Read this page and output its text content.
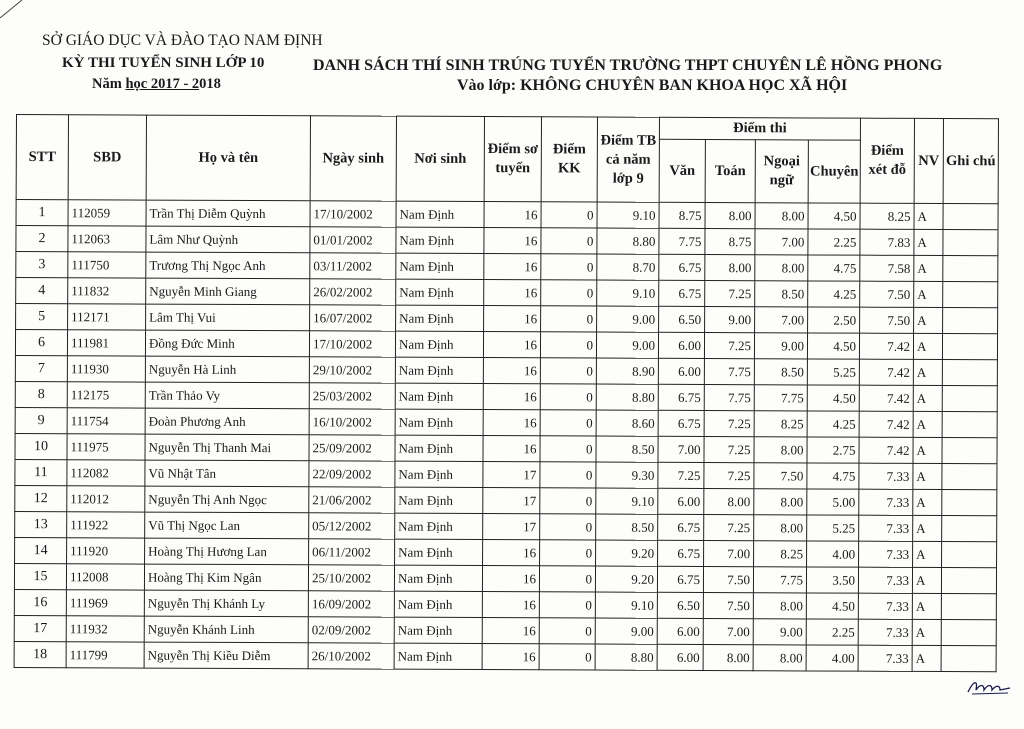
SỞ GIÁO DỤC VÀ ĐÀO TẠO NAM ĐỊNH
KỲ THI TUYỂN SINH LỚP 10
Năm học 2017 - 2018
DANH SÁCH THÍ SINH TRÚNG TUYỂN TRƯỜNG THPT CHUYÊN LÊ HỒNG PHONG
Vào lớp: KHÔNG CHUYÊN BAN KHOA HỌC XÃ HỘI
STT	SBD	Họ và tên	Ngày sinh	Nơi sinh	Điểm sơ tuyển	Điểm KK	Điểm TB cả năm lớp 9	Điểm thi				Điểm xét đỗ	NV	Ghi chú
								Văn	Toán	Ngoại ngữ	Chuyên			
1	112059	Trần Thị Diễm Quỳnh	17/10/2002	Nam Định	16	0	9.10	8.75	8.00	8.00	4.50	8.25	A	
2	112063	Lâm Như Quỳnh	01/01/2002	Nam Định	16	0	8.80	7.75	8.75	7.00	2.25	7.83	A	
3	111750	Trương Thị Ngọc Anh	03/11/2002	Nam Định	16	0	8.70	6.75	8.00	8.00	4.75	7.58	A	
4	111832	Nguyễn Minh Giang	26/02/2002	Nam Định	16	0	9.10	6.75	7.25	8.50	4.25	7.50	A	
5	112171	Lâm Thị Vui	16/07/2002	Nam Định	16	0	9.00	6.50	9.00	7.00	2.50	7.50	A	
6	111981	Đồng Đức Minh	17/10/2002	Nam Định	16	0	9.00	6.00	7.25	9.00	4.50	7.42	A	
7	111930	Nguyễn Hà Linh	29/10/2002	Nam Định	16	0	8.90	6.00	7.75	8.50	5.25	7.42	A	
8	112175	Trần Thảo Vy	25/03/2002	Nam Định	16	0	8.80	6.75	7.75	7.75	4.50	7.42	A	
9	111754	Đoàn Phương Anh	16/10/2002	Nam Định	16	0	8.60	6.75	7.25	8.25	4.25	7.42	A	
10	111975	Nguyễn Thị Thanh Mai	25/09/2002	Nam Định	16	0	8.50	7.00	7.25	8.00	2.75	7.42	A	
11	112082	Vũ Nhật Tân	22/09/2002	Nam Định	17	0	9.30	7.25	7.25	7.50	4.75	7.33	A	
12	112012	Nguyễn Thị Anh Ngọc	21/06/2002	Nam Định	17	0	9.10	6.00	8.00	8.00	5.00	7.33	A	
13	111922	Vũ Thị Ngọc Lan	05/12/2002	Nam Định	17	0	8.50	6.75	7.25	8.00	5.25	7.33	A	
14	111920	Hoàng Thị Hương Lan	06/11/2002	Nam Định	16	0	9.20	6.75	7.00	8.25	4.00	7.33	A	
15	112008	Hoàng Thị Kim Ngân	25/10/2002	Nam Định	16	0	9.20	6.75	7.50	7.75	3.50	7.33	A	
16	111969	Nguyễn Thị Khánh Ly	16/09/2002	Nam Định	16	0	9.10	6.50	7.50	8.00	4.50	7.33	A	
17	111932	Nguyễn Khánh Linh	02/09/2002	Nam Định	16	0	9.00	6.00	7.00	9.00	2.25	7.33	A	
18	111799	Nguyễn Thị Kiều Diễm	26/10/2002	Nam Định	16	0	8.80	6.00	8.00	8.00	4.00	7.33	A	
